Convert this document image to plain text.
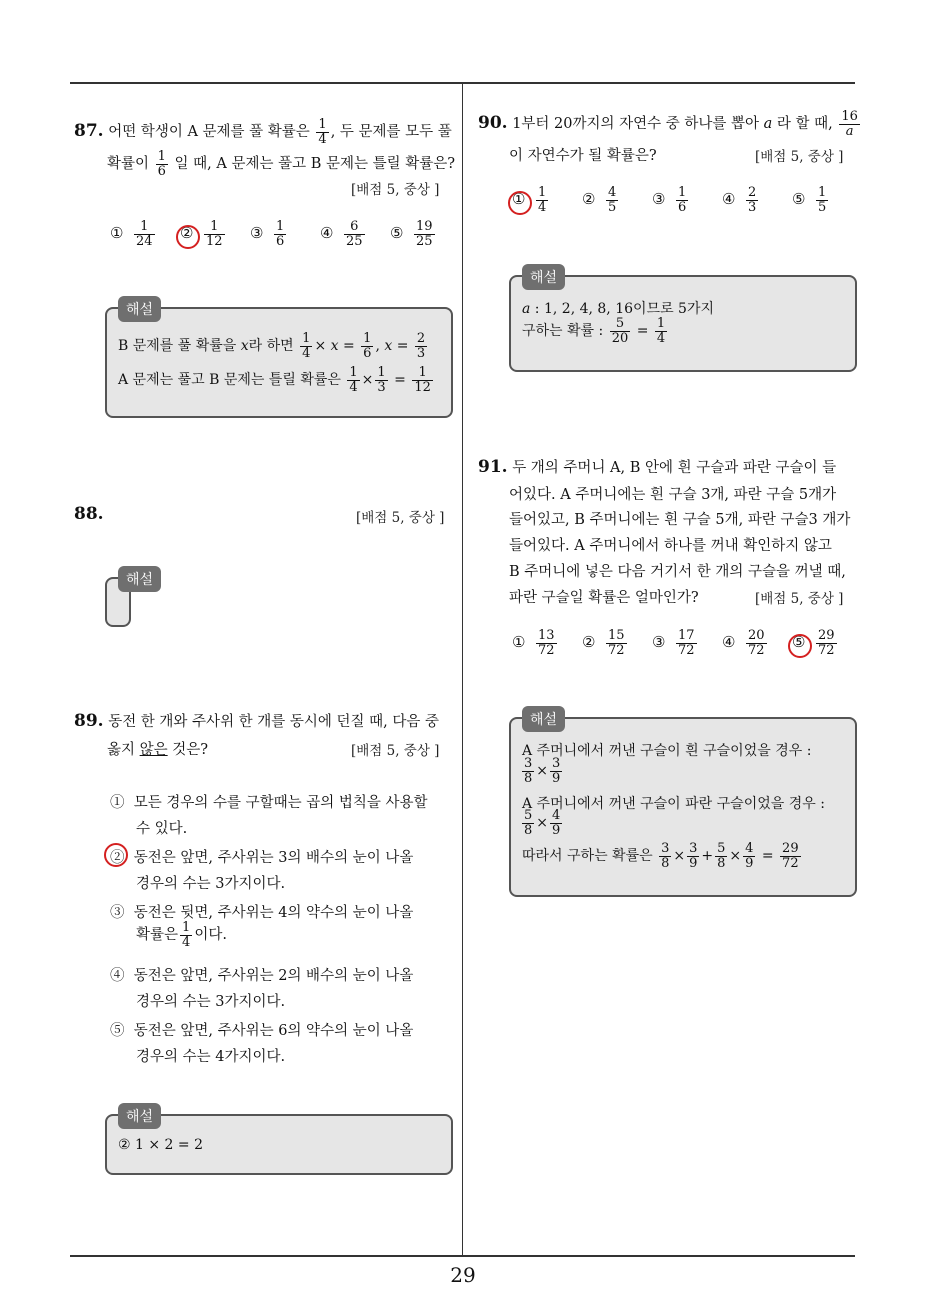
29
87. 어떤 학생이 A 문제를 풀 확률은 $\frac{1}{4}$ , 두 문제를 모두 풀
확률이 $\frac{1}{6}$ 일 때, A 문제는 풀고 B 문제는 틀릴 확률은?
[배점 5, 중상 ]
① $\frac{1}{24}$ ② $\frac{1}{12}$ ③ $\frac{1}{6}$ ④ $\frac{6}{25}$ ⑤ $\frac{19}{25}$
해설
B 문제를 풀 확률을 x라 하면 $\frac{1}{4} \times x = \frac{1}{6}$ , $x = \frac{2}{3}$
A 문제는 풀고 B 문제는 틀릴 확률은 $\frac{1}{4} \times \frac{1}{3} = \frac{1}{12}$
88.	[배점 5, 중상 ]
해설
89. 동전 한 개와 주사위 한 개를 동시에 던질 때, 다음 중
옳지 않은 것은?	[배점 5, 중상 ]
① 모든 경우의 수를 구할때는 곱의 법칙을 사용할
수 있다.
② 동전은 앞면, 주사위는 3의 배수의 눈이 나올
경우의 수는 3가지이다.
③ 동전은 뒷면, 주사위는 4의 약수의 눈이 나올
확률은 $\frac{1}{4}$ 이다.
④ 동전은 앞면, 주사위는 2의 배수의 눈이 나올
경우의 수는 3가지이다.
⑤ 동전은 앞면, 주사위는 6의 약수의 눈이 나올
경우의 수는 4가지이다.
해설
② 1 × 2 = 2
90. 1부터 20까지의 자연수 중 하나를 뽑아 a 라 할 때, $\frac{16}{a}$
이 자연수가 될 확률은?	[배점 5, 중상 ]
① $\frac{1}{4}$ ② $\frac{4}{5}$ ③ $\frac{1}{6}$ ④ $\frac{2}{3}$ ⑤ $\frac{1}{5}$
해설
a : 1, 2, 4, 8, 16이므로 5가지
구하는 확률 : $\frac{5}{20} = \frac{1}{4}$
91. 두 개의 주머니 A, B 안에 흰 구슬과 파란 구슬이 들
어있다. A 주머니에는 흰 구슬 3개, 파란 구슬 5개가
들어있고, B 주머니에는 흰 구슬 5개, 파란 구슬3 개가
들어있다. A 주머니에서 하나를 꺼내 확인하지 않고
B 주머니에 넣은 다음 거기서 한 개의 구슬을 꺼낼 때,
파란 구슬일 확률은 얼마인가?	[배점 5, 중상 ]
① $\frac{13}{72}$ ② $\frac{15}{72}$ ③ $\frac{17}{72}$ ④ $\frac{20}{72}$ ⑤ $\frac{29}{72}$
해설
A 주머니에서 꺼낸 구슬이 흰 구슬이었을 경우 :
$\frac{3}{8} \times \frac{3}{9}$
A 주머니에서 꺼낸 구슬이 파란 구슬이었을 경우 :
$\frac{5}{8} \times \frac{4}{9}$
따라서 구하는 확률은 $\frac{3}{8} \times \frac{3}{9} + \frac{5}{8} \times \frac{4}{9} = \frac{29}{72}$
